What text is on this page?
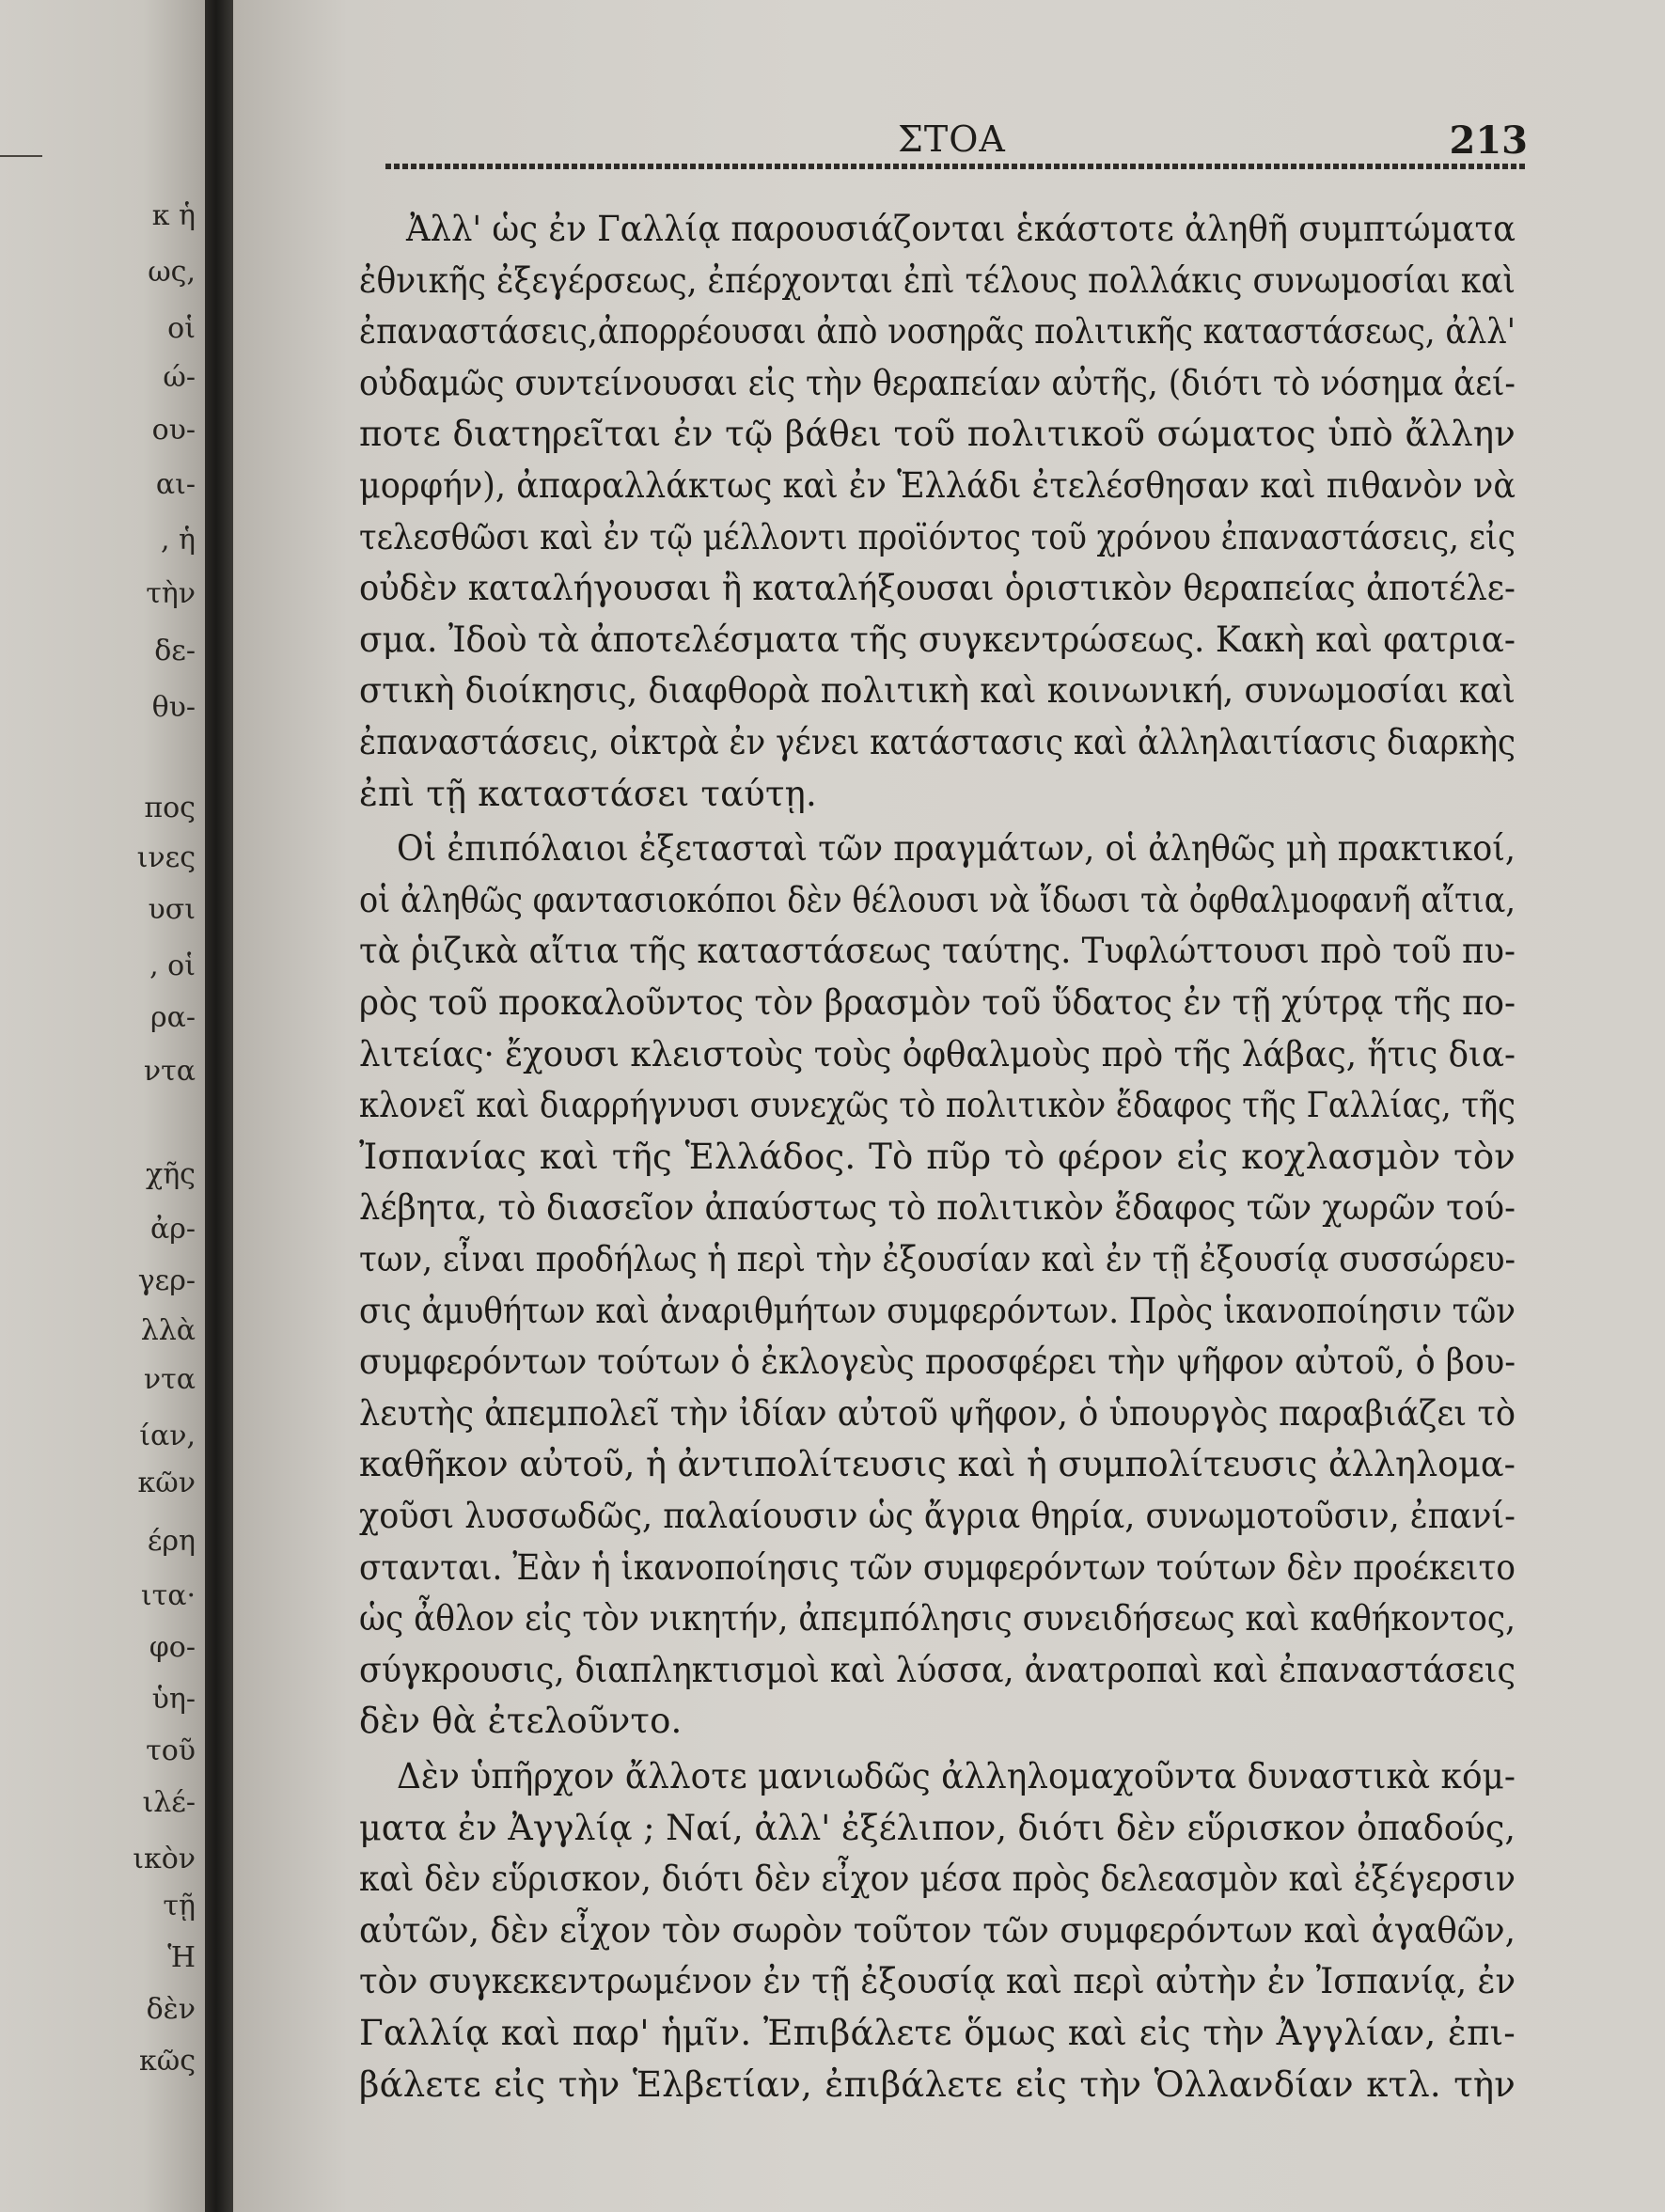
κ ἡ
ως,
οἱ
ώ-
ου-
αι-
, ἡ
τὴν
δε-
θυ-
πος
ινες
υσι
, οἱ
ρα-
ντα
χῆς
ἀρ-
γερ-
λλὰ
ντα
ίαν,
κῶν
έρη
ιτα·
φο-
ὑη-
τοῦ
ιλέ-
ικὸν
τῇ
Ἡ
δὲν
κῶς
ΣΤΟΑ	213
Ἀλλ' ὡς ἐν Γαλλίᾳ παρουσιάζονται ἑκάστοτε ἀληθῆ συμπτώματα
ἐθνικῆς ἐξεγέρσεως, ἐπέρχονται ἐπὶ τέλους πολλάκις συνωμοσίαι καὶ
ἐπαναστάσεις,ἀπορρέουσαι ἀπὸ νοσηρᾶς πολιτικῆς καταστάσεως, ἀλλ'
οὐδαμῶς συντείνουσαι εἰς τὴν θεραπείαν αὐτῆς, (διότι τὸ νόσημα ἀεί-
ποτε διατηρεῖται ἐν τῷ βάθει τοῦ πολιτικοῦ σώματος ὑπὸ ἄλλην
μορφήν), ἀπαραλλάκτως καὶ ἐν Ἑλλάδι ἐτελέσθησαν καὶ πιθανὸν νὰ
τελεσθῶσι καὶ ἐν τῷ μέλλοντι προϊόντος τοῦ χρόνου ἐπαναστάσεις, εἰς
οὐδὲν καταλήγουσαι ἢ καταλήξουσαι ὁριστικὸν θεραπείας ἀποτέλε-
σμα. Ἰδοὺ τὰ ἀποτελέσματα τῆς συγκεντρώσεως. Κακὴ καὶ φατρια-
στικὴ διοίκησις, διαφθορὰ πολιτικὴ καὶ κοινωνική, συνωμοσίαι καὶ
ἐπαναστάσεις, οἰκτρὰ ἐν γένει κατάστασις καὶ ἀλληλαιτίασις διαρκὴς
ἐπὶ τῇ καταστάσει ταύτῃ.
Οἱ ἐπιπόλαιοι ἐξετασταὶ τῶν πραγμάτων, οἱ ἀληθῶς μὴ πρακτικοί,
οἱ ἀληθῶς φαντασιοκόποι δὲν θέλουσι νὰ ἴδωσι τὰ ὀφθαλμοφανῆ αἴτια,
τὰ ῥιζικὰ αἴτια τῆς καταστάσεως ταύτης. Τυφλώττουσι πρὸ τοῦ πυ-
ρὸς τοῦ προκαλοῦντος τὸν βρασμὸν τοῦ ὕδατος ἐν τῇ χύτρᾳ τῆς πο-
λιτείας· ἔχουσι κλειστοὺς τοὺς ὀφθαλμοὺς πρὸ τῆς λάβας, ἥτις δια-
κλονεῖ καὶ διαρρήγνυσι συνεχῶς τὸ πολιτικὸν ἔδαφος τῆς Γαλλίας, τῆς
Ἰσπανίας καὶ τῆς Ἑλλάδος. Τὸ πῦρ τὸ φέρον εἰς κοχλασμὸν τὸν
λέβητα, τὸ διασεῖον ἀπαύστως τὸ πολιτικὸν ἔδαφος τῶν χωρῶν τού-
των, εἶναι προδήλως ἡ περὶ τὴν ἐξουσίαν καὶ ἐν τῇ ἐξουσίᾳ συσσώρευ-
σις ἀμυθήτων καὶ ἀναριθμήτων συμφερόντων. Πρὸς ἱκανοποίησιν τῶν
συμφερόντων τούτων ὁ ἐκλογεὺς προσφέρει τὴν ψῆφον αὐτοῦ, ὁ βου-
λευτὴς ἀπεμπολεῖ τὴν ἰδίαν αὐτοῦ ψῆφον, ὁ ὑπουργὸς παραβιάζει τὸ
καθῆκον αὐτοῦ, ἡ ἀντιπολίτευσις καὶ ἡ συμπολίτευσις ἀλληλομα-
χοῦσι λυσσωδῶς, παλαίουσιν ὡς ἄγρια θηρία, συνωμοτοῦσιν, ἐπανί-
στανται. Ἐὰν ἡ ἱκανοποίησις τῶν συμφερόντων τούτων δὲν προέκειτο
ὡς ἆθλον εἰς τὸν νικητήν, ἀπεμπόλησις συνειδήσεως καὶ καθήκοντος,
σύγκρουσις, διαπληκτισμοὶ καὶ λύσσα, ἀνατροπαὶ καὶ ἐπαναστάσεις
δὲν θὰ ἐτελοῦντο.
Δὲν ὑπῆρχον ἄλλοτε μανιωδῶς ἀλληλομαχοῦντα δυναστικὰ κόμ-
ματα ἐν Ἀγγλίᾳ ; Ναί, ἀλλ' ἐξέλιπον, διότι δὲν εὕρισκον ὀπαδούς,
καὶ δὲν εὕρισκον, διότι δὲν εἶχον μέσα πρὸς δελεασμὸν καὶ ἐξέγερσιν
αὐτῶν, δὲν εἶχον τὸν σωρὸν τοῦτον τῶν συμφερόντων καὶ ἀγαθῶν,
τὸν συγκεκεντρωμένον ἐν τῇ ἐξουσίᾳ καὶ περὶ αὐτὴν ἐν Ἰσπανίᾳ, ἐν
Γαλλίᾳ καὶ παρ' ἡμῖν. Ἐπιβάλετε ὅμως καὶ εἰς τὴν Ἀγγλίαν, ἐπι-
βάλετε εἰς τὴν Ἑλβετίαν, ἐπιβάλετε εἰς τὴν Ὁλλανδίαν κτλ. τὴν
